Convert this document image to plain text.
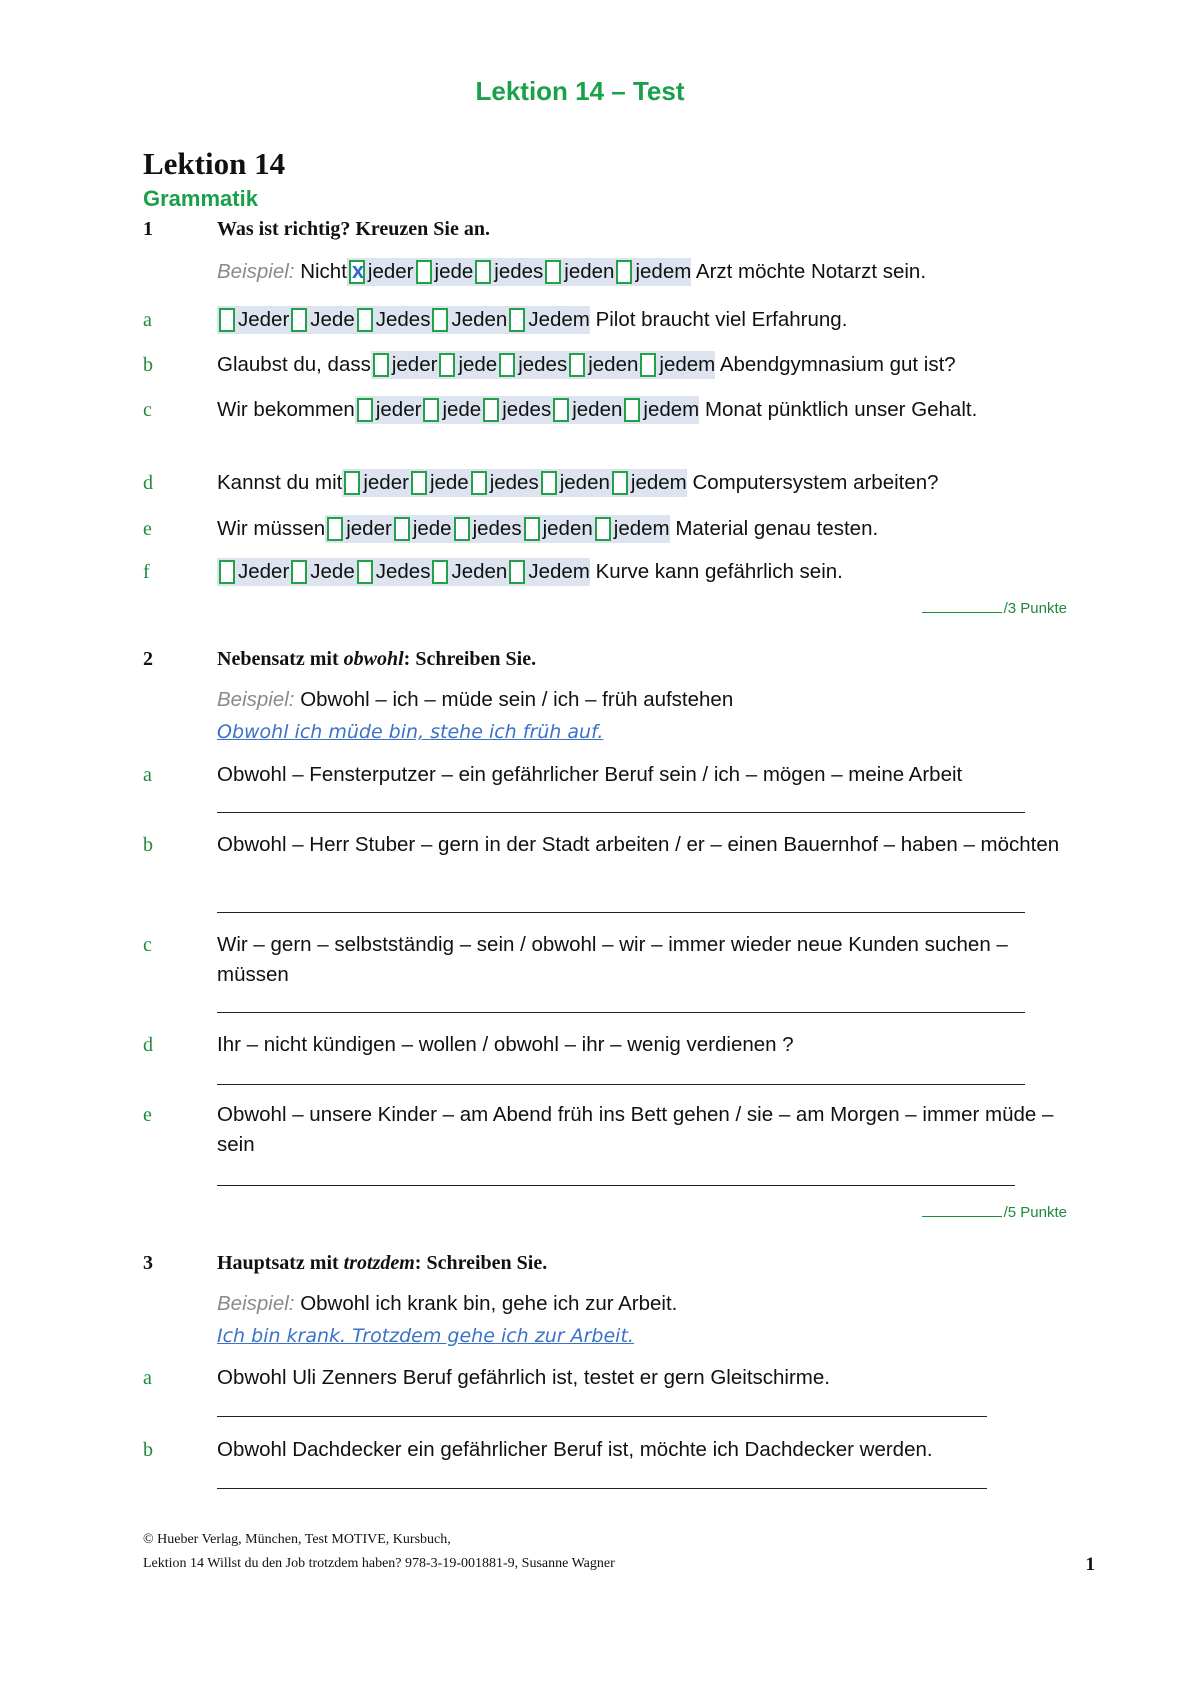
Lektion 14 – Test
Lektion 14
Grammatik
1	Was ist richtig? Kreuzen Sie an.
Beispiel: Nichtx jeder jede jedes jeden jedem Arzt möchte Notarzt sein.
a	Jeder Jede Jedes Jeden Jedem Pilot braucht viel Erfahrung.
b	Glaubst du, dass jeder jede jedes jeden jedem Abendgymnasium gut ist?
c	Wir bekommen jeder jede jedes jeden jedem Monat pünktlich unser Gehalt.
d	Kannst du mit jeder jede jedes jeden jedem Computersystem arbeiten?
e	Wir müssen jeder jede jedes jeden jedem Material genau testen.
f	Jeder Jede Jedes Jeden Jedem Kurve kann gefährlich sein.
/3 Punkte
2	Nebensatz mit obwohl: Schreiben Sie.
Beispiel: Obwohl – ich – müde sein / ich – früh aufstehen
Obwohl ich müde bin, stehe ich früh auf.
a	Obwohl – Fensterputzer – ein gefährlicher Beruf sein / ich – mögen – meine Arbeit
b	Obwohl – Herr Stuber – gern in der Stadt arbeiten / er – einen Bauernhof – haben – möchten
c	Wir – gern – selbstständig – sein / obwohl – wir – immer wieder neue Kunden suchen – müssen
d	Ihr – nicht kündigen – wollen / obwohl – ihr – wenig verdienen ?
e	Obwohl – unsere Kinder – am Abend früh ins Bett gehen / sie – am Morgen – immer müde – sein
/5 Punkte
3	Hauptsatz mit trotzdem: Schreiben Sie.
Beispiel: Obwohl ich krank bin, gehe ich zur Arbeit.
Ich bin krank. Trotzdem gehe ich zur Arbeit.
a	Obwohl Uli Zenners Beruf gefährlich ist, testet er gern Gleitschirme.
b	Obwohl Dachdecker ein gefährlicher Beruf ist, möchte ich Dachdecker werden.
© Hueber Verlag, München, Test MOTIVE, Kursbuch,
Lektion 14 Willst du den Job trotzdem haben? 978-3-19-001881-9, Susanne Wagner	1
